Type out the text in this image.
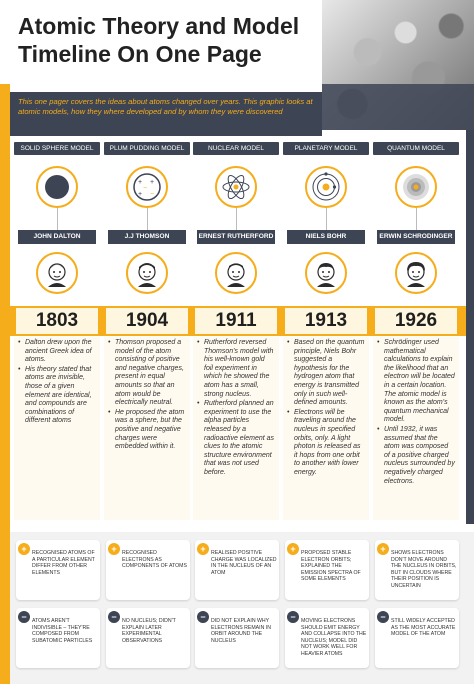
Atomic Theory and Model
Timeline On One Page
This one pager covers the ideas about atoms changed over years. This graphic looks at atomic models, how they where developed and by whom they were discovered
SOLID SPHERE MODEL
JOHN DALTON
1803
• Dalton drew upon the ancient Greek idea of atoms.
• His theory stated that atoms are invisible, those of a given element are identical, and compounds are combinations of different atoms
+	RECOGNISED ATOMS OF A PARTICULAR ELEMENT DIFFER FROM OTHER ELEMENTS
−	ATOMS AREN'T INDIVISIBLE – THEY'RE COMPOSED FROM SUBATOMIC PARTICLES
PLUM PUDDING MODEL
+ +
−
+ −
J.J THOMSON
1904
• Thomson proposed a model of the atom consisting of positive and negative charges, present in equal amounts so that an atom would be electrically neutral.
• He proposed the atom was a sphere, but the positive and negative charges were embedded within it.
+	RECOGNISED ELECTRONS AS COMPONENTS OF ATOMS
−	NO NUCLEUS; DIDN'T EXPLAIN LATER EXPERIMENTAL OBSERVATIONS
NUCLEAR MODEL
ERNEST RUTHERFORD
1911
• Rutherford reversed Thomson's model with his well-known gold foil experiment in which he showed the atom has a small, strong nucleus.
• Rutherford planned an experiment to use the alpha particles released by a radioactive element as clues to the atomic structure environment that was not used before.
+	REALISED POSITIVE CHARGE WAS LOCALIZED IN THE NUCLEUS OF AN ATOM
−	DID NOT EXPLAIN WHY ELECTRONS REMAIN IN ORBIT AROUND THE NUCLEUS
PLANETARY MODEL
NIELS BOHR
1913
• Based on the quantum principle, Niels Bohr suggested a hypothesis for the hydrogen atom that energy is transmitted only in such well-defined amounts.
• Electrons will be traveling around the nucleus in specified orbits, only. A light photon is released as it hops from one orbit to another with lower energy.
+	PROPOSED STABLE ELECTRON ORBITS; EXPLAINED THE EMISSION SPECTRA OF SOME ELEMENTS
−	MOVING ELECTRONS SHOULD EMIT ENERGY AND COLLAPSE INTO THE NUCLEUS; MODEL DID NOT WORK WELL FOR HEAVIER ATOMS
QUANTUM MODEL
ERWIN SCHRODINGER
1926
• Schrödinger used mathematical calculations to explain the likelihood that an electron will be located in a certain location. The atomic model is known as the atom's quantum mechanical model.
• Until 1932, it was assumed that the atom was composed of a positive charged nucleus surrounded by negatively charged electrons.
+	SHOWS ELECTRONS DON'T MOVE AROUND THE NUCLEUS IN ORBITS, BUT IN CLOUDS WHERE THEIR POSITION IS UNCERTAIN
−	STILL WIDELY ACCEPTED AS THE MOST ACCURATE MODEL OF THE ATOM
